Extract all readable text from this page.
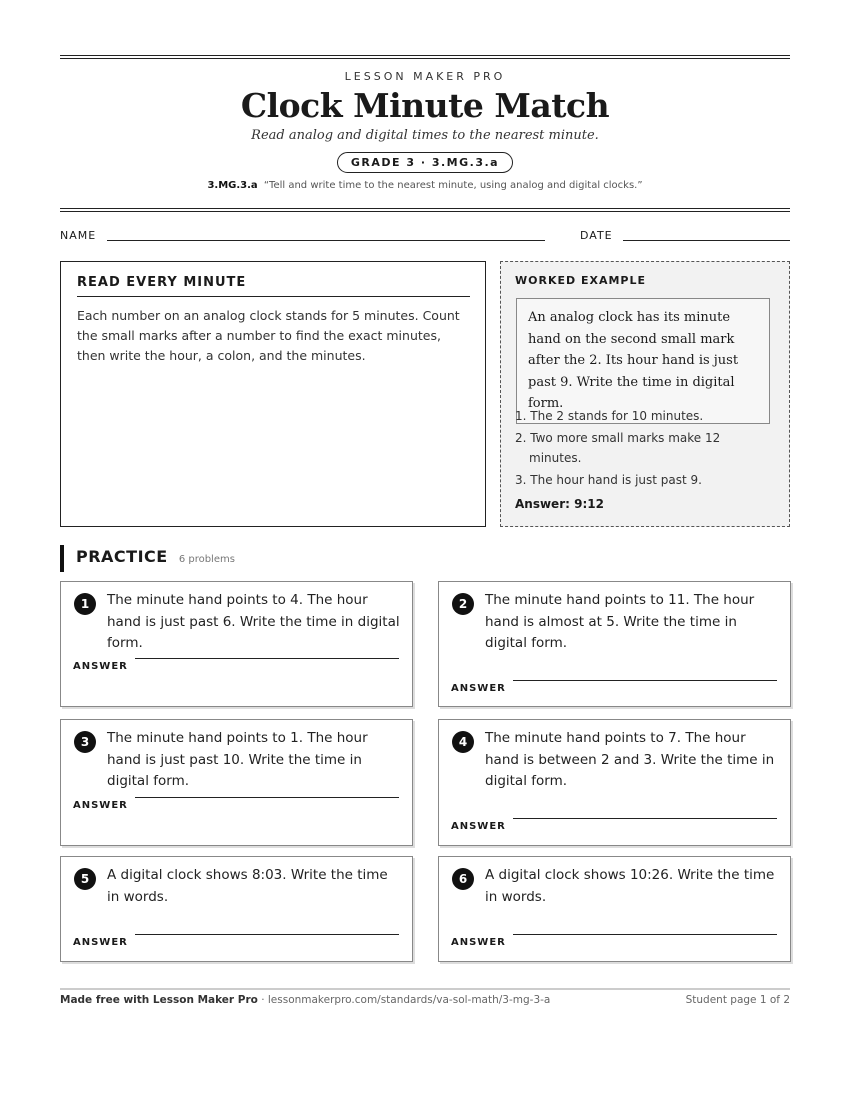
LESSON MAKER PRO
Clock Minute Match
Read analog and digital times to the nearest minute.
GRADE 3 · 3.MG.3.a
3.MG.3.a “Tell and write time to the nearest minute, using analog and digital clocks.”
NAME	DATE
READ EVERY MINUTE

Each number on an analog clock stands for 5 minutes. Count the small marks after a number to find the exact minutes, then write the hour, a colon, and the minutes.

WORKED EXAMPLE
An analog clock has its minute hand on the second small mark after the 2. Its hour hand is just past 9. Write the time in digital form.
1. The 2 stands for 10 minutes.
2. Two more small marks make 12 minutes.
3. The hour hand is just past 9.
Answer: 9:12
PRACTICE 6 problems
1	The minute hand points to 4. The hour hand is just past 6. Write the time in digital form.
ANSWER
2	The minute hand points to 11. The hour hand is almost at 5. Write the time in digital form.
ANSWER
3	The minute hand points to 1. The hour hand is just past 10. Write the time in digital form.
ANSWER
4	The minute hand points to 7. The hour hand is between 2 and 3. Write the time in digital form.
ANSWER
5	A digital clock shows 8:03. Write the time in words.
ANSWER
6	A digital clock shows 10:26. Write the time in words.
ANSWER
Made free with Lesson Maker Pro · lessonmakerpro.com/standards/va-sol-math/3-mg-3-a	Student page 1 of 2
